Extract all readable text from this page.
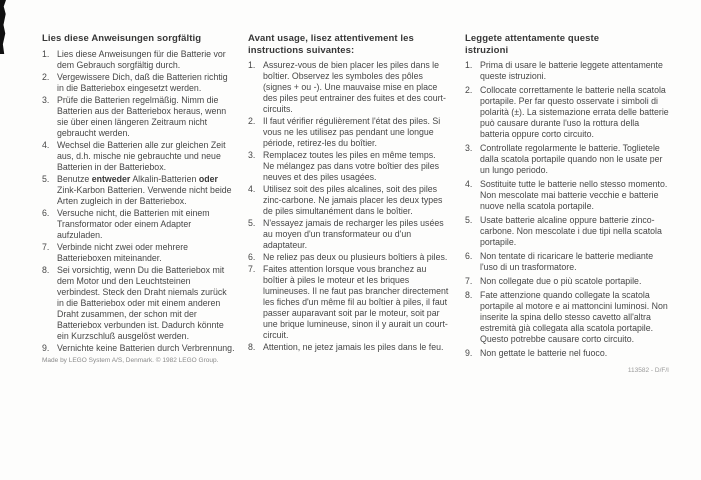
Lies diese Anweisungen sorgfältig
1. Lies diese Anweisungen für die Batterie vor dem Gebrauch sorgfältig durch.
2. Vergewissere Dich, daß die Batterien richtig in die Batteriebox eingesetzt werden.
3. Prüfe die Batterien regelmäßig. Nimm die Batterien aus der Batteriebox heraus, wenn sie über einen längeren Zeitraum nicht gebraucht werden.
4. Wechsel die Batterien alle zur gleichen Zeit aus, d.h. mische nie gebrauchte und neue Batterien in der Batteriebox.
5. Benutze entweder Alkalin-Batterien oder Zink-Karbon Batterien. Verwende nicht beide Arten zugleich in der Batteriebox.
6. Versuche nicht, die Batterien mit einem Transformator oder einem Adapter aufzuladen.
7. Verbinde nicht zwei oder mehrere Batterieboxen miteinander.
8. Sei vorsichtig, wenn Du die Batteriebox mit dem Motor und den Leuchtsteinen verbindest. Steck den Draht niemals zurück in die Batteriebox oder mit einem anderen Draht zusammen, der schon mit der Batteriebox verbunden ist. Dadurch könnte ein Kurzschluß ausgelöst werden.
9. Vernichte keine Batterien durch Verbrennung.
Made by LEGO System A/S, Denmark. © 1982 LEGO Group.
Avant usage, lisez attentivement les instructions suivantes:
1. Assurez-vous de bien placer les piles dans le boîtier. Observez les symboles des pôles (signes + ou -). Une mauvaise mise en place des piles peut entrainer des fuites et des court-circuits.
2. Il faut vérifier régulièrement l'état des piles. Si vous ne les utilisez pas pendant une longue période, retirez-les du boîtier.
3. Remplacez toutes les piles en même temps. Ne mélangez pas dans votre boîtier des piles neuves et des piles usagées.
4. Utilisez soit des piles alcalines, soit des piles zinc-carbone. Ne jamais placer les deux types de piles simultanément dans le boîtier.
5. N'essayez jamais de recharger les piles usées au moyen d'un transformateur ou d'un adaptateur.
6. Ne reliez pas deux ou plusieurs boîtiers à piles.
7. Faites attention lorsque vous branchez au boîtier à piles le moteur et les briques lumineuses. Il ne faut pas brancher directement les fiches d'un même fil au boîtier à piles, il faut passer auparavant soit par le moteur, soit par une brique lumineuse, sinon il y aurait un court-circuit.
8. Attention, ne jetez jamais les piles dans le feu.
Leggete attentamente queste istruzioni
1. Prima di usare le batterie leggete attentamente queste istruzioni.
2. Collocate correttamente le batterie nella scatola portapile. Per far questo osservate i simboli di polarità (±). La sistemazione errata delle batterie può causare durante l'uso la rottura della batteria oppure corto circuito.
3. Controllate regolarmente le batterie. Toglietele dalla scatola portapile quando non le usate per un lungo periodo.
4. Sostituite tutte le batterie nello stesso momento. Non mescolate mai batterie vecchie e batterie nuove nella scatola portapile.
5. Usate batterie alcaline oppure batterie zinco-carbone. Non mescolate i due tipi nella scatola portapile.
6. Non tentate di ricaricare le batterie mediante l'uso di un trasformatore.
7. Non collegate due o più scatole portapile.
8. Fate attenzione quando collegate la scatola portapile al motore e ai mattoncini luminosi. Non inserite la spina dello stesso cavetto all'altra estremità già collegata alla scatola portapile. Questo potrebbe causare corto circuito.
9. Non gettate le batterie nel fuoco.
113582 - D/F/I
